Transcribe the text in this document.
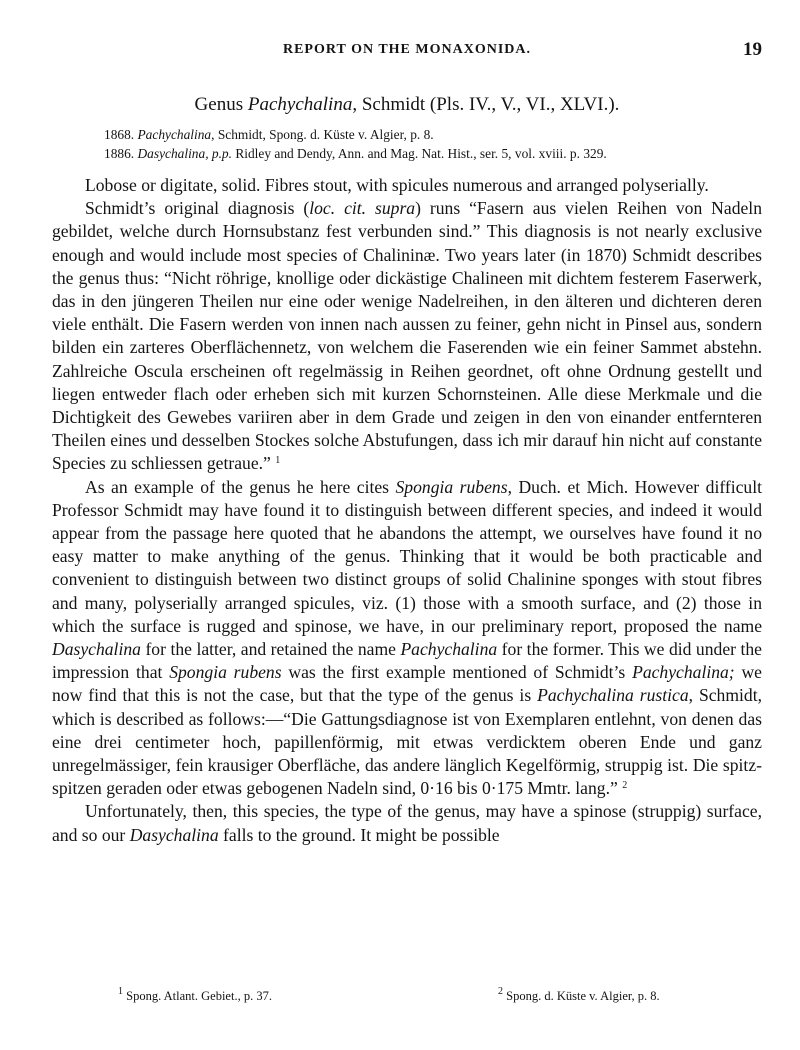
REPORT ON THE MONAXONIDA.	19
Genus Pachychalina, Schmidt (Pls. IV., V., VI., XLVI.).
1868. Pachychalina, Schmidt, Spong. d. Küste v. Algier, p. 8.
1886. Dasychalina, p.p. Ridley and Dendy, Ann. and Mag. Nat. Hist., ser. 5, vol. xviii. p. 329.

Lobose or digitate, solid. Fibres stout, with spicules numerous and arranged polyserially.

Schmidt’s original diagnosis (loc. cit. supra) runs “Fasern aus vielen Reihen von Nadeln gebildet, welche durch Hornsubstanz fest verbunden sind.” This diagnosis is not nearly exclusive enough and would include most species of Chalininæ. Two years later (in 1870) Schmidt describes the genus thus: “Nicht röhrige, knollige oder dickästige Chalineen mit dichtem festerem Faserwerk, das in den jüngeren Theilen nur eine oder wenige Nadelreihen, in den älteren und dichteren deren viele enthält. Die Fasern werden von innen nach aussen zu feiner, gehn nicht in Pinsel aus, sondern bilden ein zarteres Oberflächennetz, von welchem die Faserenden wie ein feiner Sammet abstehn. Zahlreiche Oscula erscheinen oft regelmässig in Reihen geordnet, oft ohne Ordnung gestellt und liegen entweder flach oder erheben sich mit kurzen Schornsteinen. Alle diese Merkmale und die Dichtigkeit des Gewebes variiren aber in dem Grade und zeigen in den von einander entfernteren Theilen eines und desselben Stockes solche Abstufungen, dass ich mir darauf hin nicht auf constante Species zu schliessen getraue.” $^1$

As an example of the genus he here cites Spongia rubens, Duch. et Mich. However difficult Professor Schmidt may have found it to distinguish between different species, and indeed it would appear from the passage here quoted that he abandons the attempt, we ourselves have found it no easy matter to make anything of the genus. Thinking that it would be both practicable and convenient to distinguish between two distinct groups of solid Chalinine sponges with stout fibres and many, polyserially arranged spicules, viz. (1) those with a smooth surface, and (2) those in which the surface is rugged and spinose, we have, in our preliminary report, proposed the name Dasychalina for the latter, and retained the name Pachychalina for the former. This we did under the impression that Spongia rubens was the first example mentioned of Schmidt’s Pachychalina; we now find that this is not the case, but that the type of the genus is Pachychalina rustica, Schmidt, which is described as follows:—“Die Gattungsdiagnose ist von Exemplaren entlehnt, von denen das eine drei centimeter hoch, papillenförmig, mit etwas verdicktem oberen Ende und ganz unregelmässiger, fein krausiger Oberfläche, das andere länglich Kegelförmig, struppig ist. Die spitz-spitzen geraden oder etwas gebogenen Nadeln sind, 0·16 bis 0·175 Mmtr. lang.” $^2$

Unfortunately, then, this species, the type of the genus, may have a spinose (struppig) surface, and so our Dasychalina falls to the ground. It might be possible

$^1$ Spong. Atlant. Gebiet., p. 37.	$^2$ Spong. d. Küste v. Algier, p. 8.
